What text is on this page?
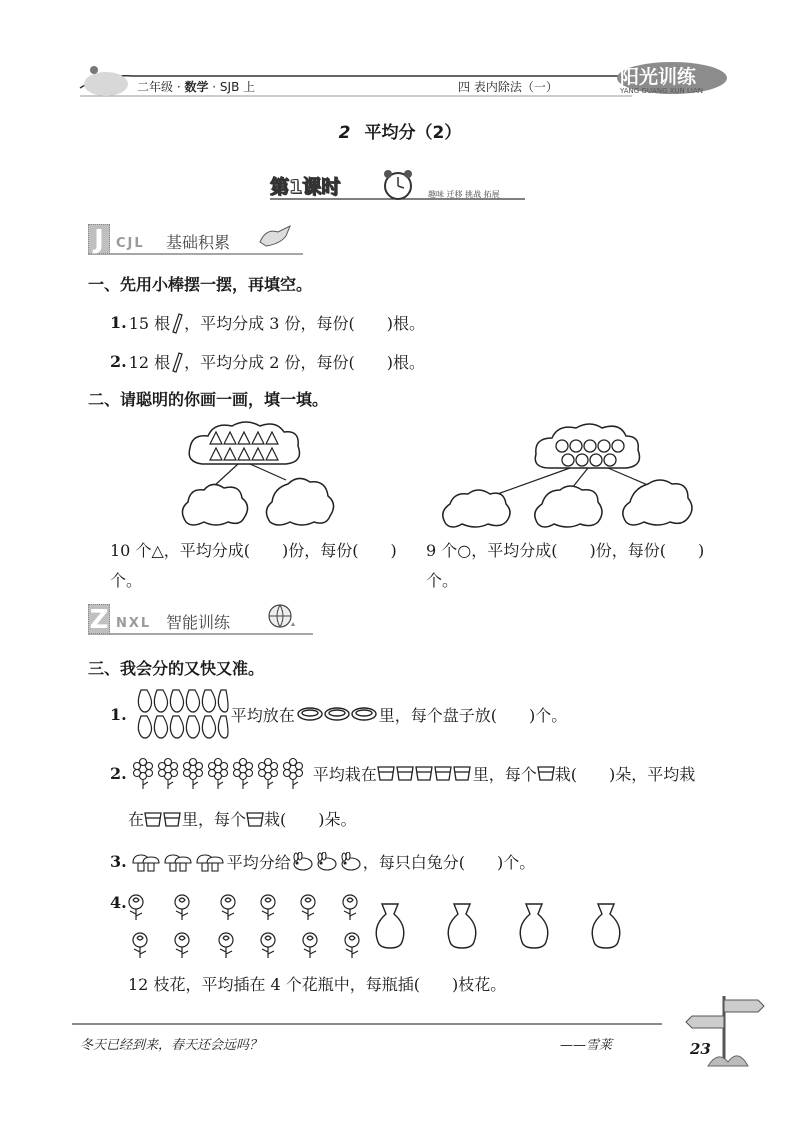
二年级 · 数学 · SJB 上	四 表内除法（一）	阳光训练
YANG GUANG XUN LIAN
2 平均分（2）
第1课时	趣味 迁移 挑战 拓展
J CJL 基础积累
一、先用小棒摆一摆，再填空。
1. 15 根 ，平均分成 3 份，每份(　　)根。
2. 12 根 ，平均分成 2 份，每份(　　)根。
二、请聪明的你画一画，填一填。
10 个△，平均分成(　　)份，每份(　　)
个。
9 个○，平均分成(　　)份，每份(　　)
个。
Z NXL 智能训练
三、我会分的又快又准。
1.	平均放在	里，每个盘子放(　　)个。
2.	平均栽在	里，每个 栽(　　)朵，平均栽
在 里，每个 栽(　　)朵。
3.	平均分给	，每只白兔分(　　)个。
4.
12 枝花，平均插在 4 个花瓶中，每瓶插(　　)枝花。
冬天已经到来，春天还会远吗？	——雪莱	23
